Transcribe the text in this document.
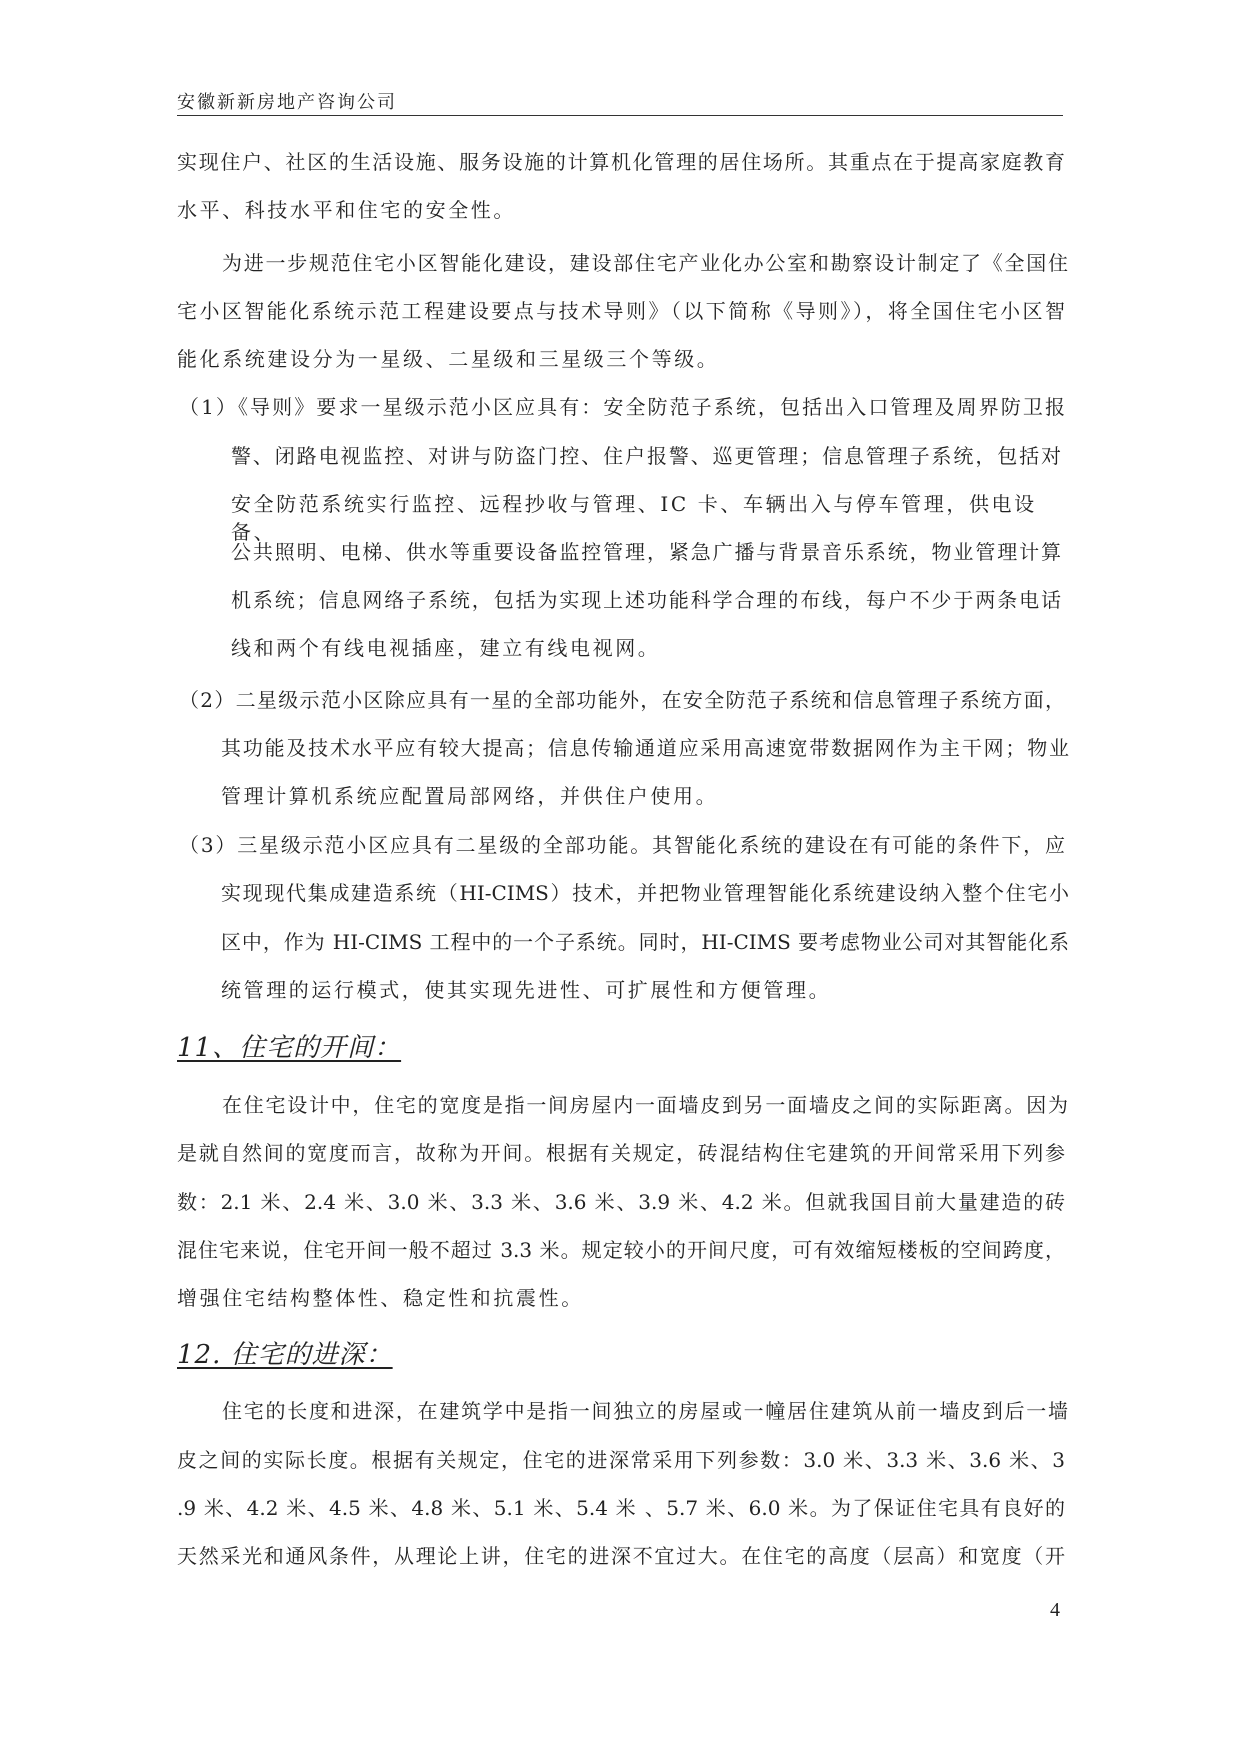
安徽新新房地产咨询公司
实现住户、社区的生活设施、服务设施的计算机化管理的居住场所。其重点在于提高家庭教育
水平、科技水平和住宅的安全性。
为进一步规范住宅小区智能化建设，建设部住宅产业化办公室和勘察设计制定了《全国住
宅小区智能化系统示范工程建设要点与技术导则》（以下简称《导则》），将全国住宅小区智
能化系统建设分为一星级、二星级和三星级三个等级。
（1）《导则》要求一星级示范小区应具有：安全防范子系统，包括出入口管理及周界防卫报
警、闭路电视监控、对讲与防盗门控、住户报警、巡更管理；信息管理子系统，包括对
安全防范系统实行监控、远程抄收与管理、IC 卡、车辆出入与停车管理，供电设备、
公共照明、电梯、供水等重要设备监控管理，紧急广播与背景音乐系统，物业管理计算
机系统；信息网络子系统，包括为实现上述功能科学合理的布线，每户不少于两条电话
线和两个有线电视插座，建立有线电视网。
（2）二星级示范小区除应具有一星的全部功能外，在安全防范子系统和信息管理子系统方面，
其功能及技术水平应有较大提高；信息传输通道应采用高速宽带数据网作为主干网；物业
管理计算机系统应配置局部网络，并供住户使用。
（3）三星级示范小区应具有二星级的全部功能。其智能化系统的建设在有可能的条件下，应
实现现代集成建造系统（HI-CIMS）技术，并把物业管理智能化系统建设纳入整个住宅小
区中，作为 HI-CIMS 工程中的一个子系统。同时，HI-CIMS 要考虑物业公司对其智能化系
统管理的运行模式，使其实现先进性、可扩展性和方便管理。
11、住宅的开间：
在住宅设计中，住宅的宽度是指一间房屋内一面墙皮到另一面墙皮之间的实际距离。因为
是就自然间的宽度而言，故称为开间。根据有关规定，砖混结构住宅建筑的开间常采用下列参
数：2.1 米、2.4 米、3.0 米、3.3 米、3.6 米、3.9 米、4.2 米。但就我国目前大量建造的砖
混住宅来说，住宅开间一般不超过 3.3 米。规定较小的开间尺度，可有效缩短楼板的空间跨度，
增强住宅结构整体性、稳定性和抗震性。
12. 住宅的进深：
住宅的长度和进深，在建筑学中是指一间独立的房屋或一幢居住建筑从前一墙皮到后一墙
皮之间的实际长度。根据有关规定，住宅的进深常采用下列参数：3.0 米、3.3 米、3.6 米、3
.9 米、4.2 米、4.5 米、4.8 米、5.1 米、5.4 米 、5.7 米、6.0 米。为了保证住宅具有良好的
天然采光和通风条件，从理论上讲，住宅的进深不宜过大。在住宅的高度（层高）和宽度（开
4
